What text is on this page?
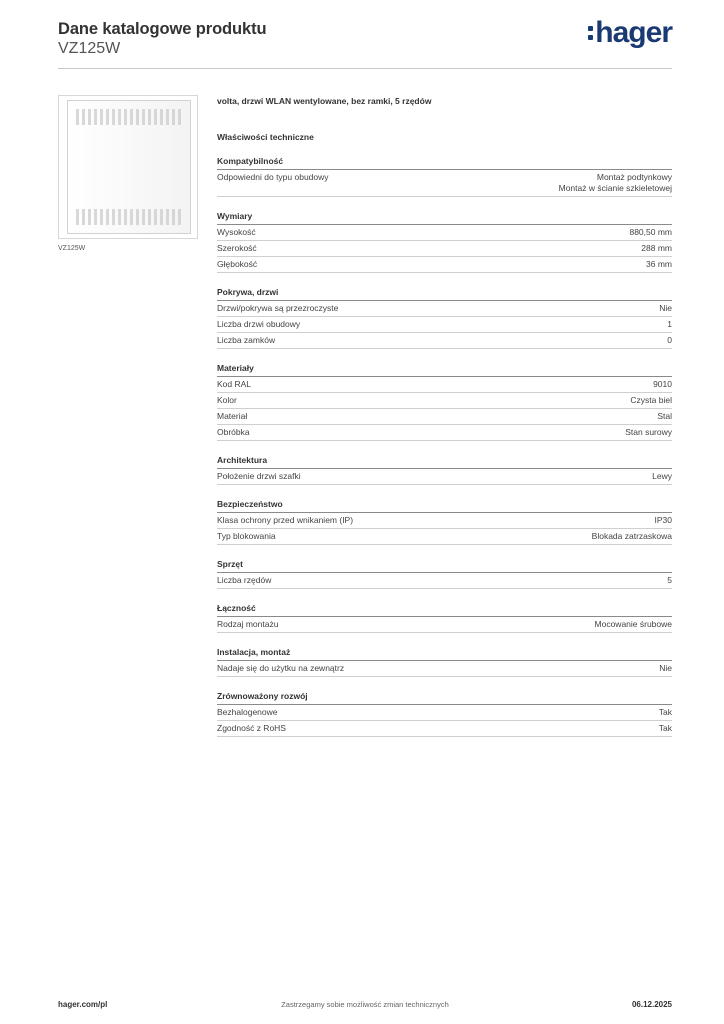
Dane katalogowe produktu
VZ125W	hager
VZ125W
volta, drzwi WLAN wentylowane, bez ramki, 5 rzędów
Właściwości techniczne
Kompatybilność
Odpowiedni do typu obudowy	Montaż podtynkowy
Montaż w ścianie szkieletowej
Wymiary
Wysokość	880,50 mm
Szerokość	288 mm
Głębokość	36 mm
Pokrywa, drzwi
Drzwi/pokrywa są przezroczyste	Nie
Liczba drzwi obudowy	1
Liczba zamków	0
Materiały
Kod RAL	9010
Kolor	Czysta biel
Materiał	Stal
Obróbka	Stan surowy
Architektura
Położenie drzwi szafki	Lewy
Bezpieczeństwo
Klasa ochrony przed wnikaniem (IP)	IP30
Typ blokowania	Blokada zatrzaskowa
Sprzęt
Liczba rzędów	5
Łączność
Rodzaj montażu	Mocowanie śrubowe
Instalacja, montaż
Nadaje się do użytku na zewnątrz	Nie
Zrównoważony rozwój
Bezhalogenowe	Tak
Zgodność z RoHS	Tak
Zastrzegamy sobie możliwość zmian technicznych
hager.com/pl	06.12.2025
